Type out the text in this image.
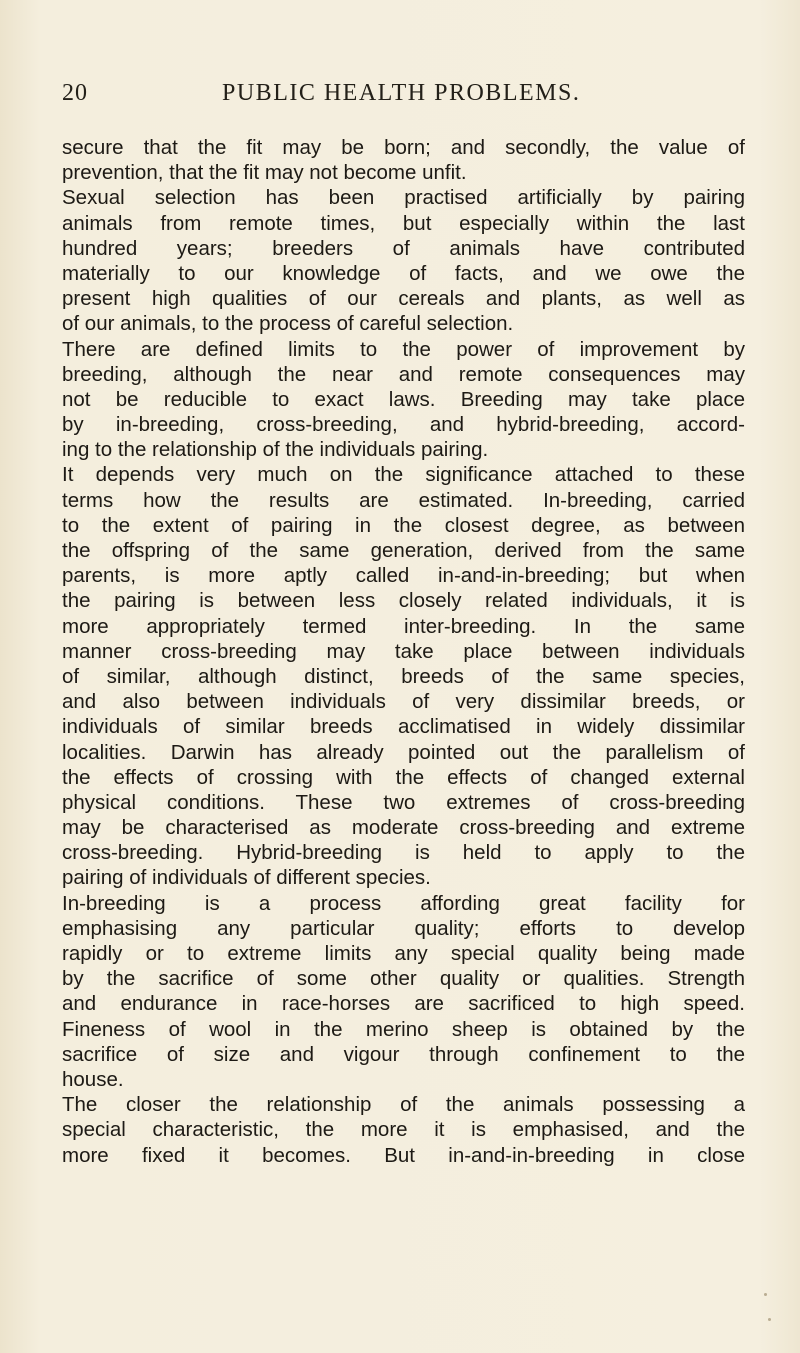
20	PUBLIC HEALTH PROBLEMS.
secure that the fit may be born; and secondly, the value of
prevention, that the fit may not become unfit.
Sexual selection has been practised artificially by pairing
animals from remote times, but especially within the last
hundred years; breeders of animals have contributed
materially to our knowledge of facts, and we owe the
present high qualities of our cereals and plants, as well as
of our animals, to the process of careful selection.
There are defined limits to the power of improvement by
breeding, although the near and remote consequences may
not be reducible to exact laws. Breeding may take place
by in-breeding, cross-breeding, and hybrid-breeding, accord-
ing to the relationship of the individuals pairing.
It depends very much on the significance attached to these
terms how the results are estimated. In-breeding, carried
to the extent of pairing in the closest degree, as between
the offspring of the same generation, derived from the same
parents, is more aptly called in-and-in-breeding; but when
the pairing is between less closely related individuals, it is
more appropriately termed inter-breeding. In the same
manner cross-breeding may take place between individuals
of similar, although distinct, breeds of the same species,
and also between individuals of very dissimilar breeds, or
individuals of similar breeds acclimatised in widely dissimilar
localities. Darwin has already pointed out the parallelism of
the effects of crossing with the effects of changed external
physical conditions. These two extremes of cross-breeding
may be characterised as moderate cross-breeding and extreme
cross-breeding. Hybrid-breeding is held to apply to the
pairing of individuals of different species.
In-breeding is a process affording great facility for
emphasising any particular quality; efforts to develop
rapidly or to extreme limits any special quality being made
by the sacrifice of some other quality or qualities. Strength
and endurance in race-horses are sacrificed to high speed.
Fineness of wool in the merino sheep is obtained by the
sacrifice of size and vigour through confinement to the
house.
The closer the relationship of the animals possessing a
special characteristic, the more it is emphasised, and the
more fixed it becomes. But in-and-in-breeding in close
